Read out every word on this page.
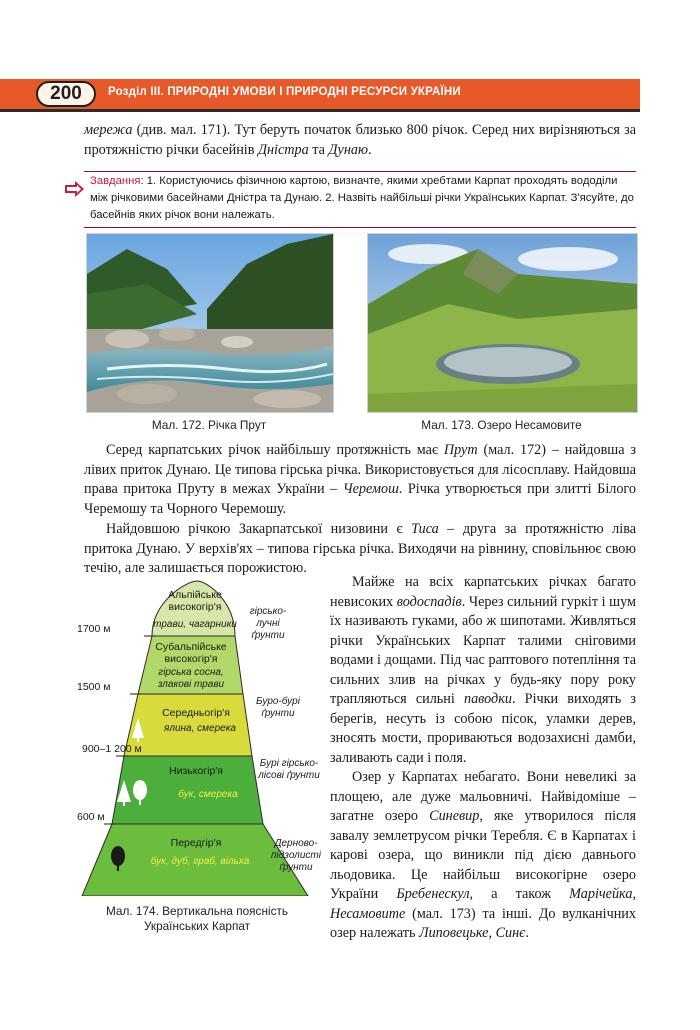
200	Розділ ІІІ. ПРИРОДНІ УМОВИ І ПРИРОДНІ РЕСУРСИ УКРАЇНИ
мережа (див. мал. 171). Тут беруть початок близько 800 річок. Серед них вирізняються за протяжністю річки басейнів Дністра та Дунаю.
Завдання: 1. Користуючись фізичною картою, визначте, якими хребтами Карпат проходять вододіли між річковими басейнами Дністра та Дунаю. 2. Назвіть найбільші річки Українських Карпат. З'ясуйте, до басейнів яких річок вони належать.
Мал. 172. Річка Прут	Мал. 173. Озеро Несамовите
Серед карпатських річок найбільшу протяжність має Прут (мал. 172) – найдовша з лівих приток Дунаю. Це типова гірська річка. Використовується для лісосплаву. Найдовша права притока Пруту в межах України – Черемош. Річка утворюється при злитті Білого Черемошу та Чорного Черемошу.
Найдовшою річкою Закарпатської низовини є Тиса – друга за протяжністю ліва притока Дунаю. У верхів'ях – типова гірська річка. Виходячи на рівнину, сповільнює свою течію, але залишається порожистою.
Майже на всіх карпатських річках багато невисоких водоспадів. Через сильний гуркіт і шум їх називають гуками, або ж шипотами. Живляться річки Українських Карпат талими сніговими водами і дощами. Під час раптового потепління та сильних злив на річках у будь-яку пору року трапляються сильні паводки. Річки виходять з берегів, несуть із собою пісок, уламки дерев, зносять мости, прориваються водозахисні дамби, заливають сади і поля.
Озер у Карпатах небагато. Вони невеликі за площею, але дуже мальовничі. Найвідоміше – загатне озеро Синевир, яке утворилося після завалу землетрусом річки Теребля. Є в Карпатах і карові озера, що виникли під дією давнього льодовика. Це найбільш високогірне озеро України Бребенескул, а також Марічейка, Несамовите (мал. 173) та інші. До вулканічних озер належать Липовецьке, Синє.
1700 м
1500 м
900–1 200 м
600 м
Альпійське
високогір'я
трави, чагарники
гірсько-
лучні
ґрунти
Субальпійське
високогір'я
гірська сосна,
злакові трави
Середньогір'я
ялина, смерека
Буро-бурі
ґрунти
Низькогір'я
бук, смерека
Бурі гірсько-
лісові ґрунти
Передгір'я
бук, дуб, граб, вільха
Дерново-
підзолисті
ґрунти
Мал. 174. Вертикальна поясність
Українських Карпат
